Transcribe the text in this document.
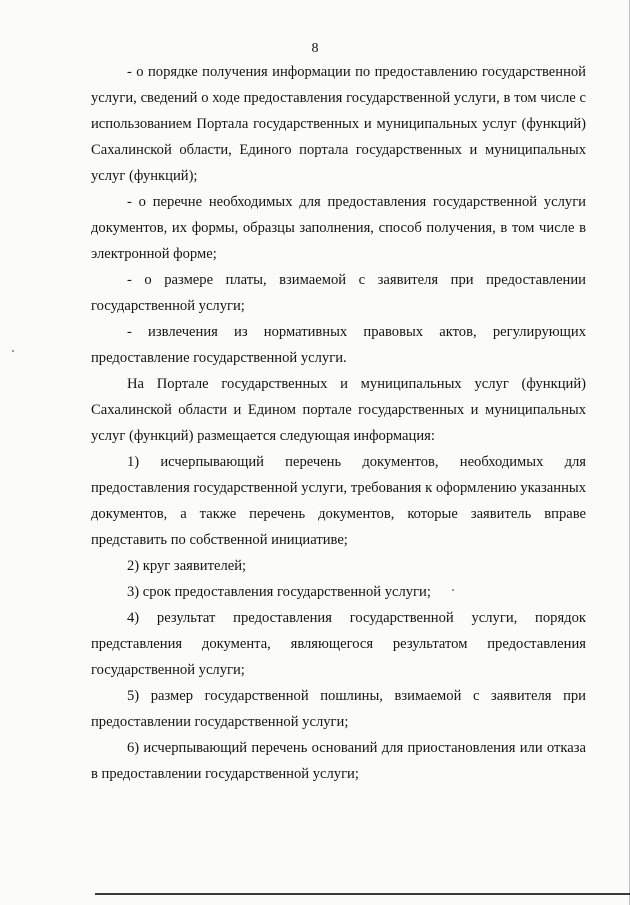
8

- о порядке получения информации по предоставлению государственной услуги, сведений о ходе предоставления государственной услуги, в том числе с использованием Портала государственных и муниципальных услуг (функций) Сахалинской области, Единого портала государственных и муниципальных услуг (функций);

- о перечне необходимых для предоставления государственной услуги документов, их формы, образцы заполнения, способ получения, в том числе в электронной форме;

- о размере платы, взимаемой с заявителя при предоставлении государственной услуги;

- извлечения из нормативных правовых актов, регулирующих предоставление государственной услуги.

На Портале государственных и муниципальных услуг (функций) Сахалинской области и Едином портале государственных и муниципальных услуг (функций) размещается следующая информация:

1) исчерпывающий перечень документов, необходимых для предоставления государственной услуги, требования к оформлению указанных документов, а также перечень документов, которые заявитель вправе представить по собственной инициативе;

2) круг заявителей;

3) срок предоставления государственной услуги;

4) результат предоставления государственной услуги, порядок представления документа, являющегося результатом предоставления государственной услуги;

5) размер государственной пошлины, взимаемой с заявителя при предоставлении государственной услуги;

6) исчерпывающий перечень оснований для приостановления или отказа в предоставлении государственной услуги;
